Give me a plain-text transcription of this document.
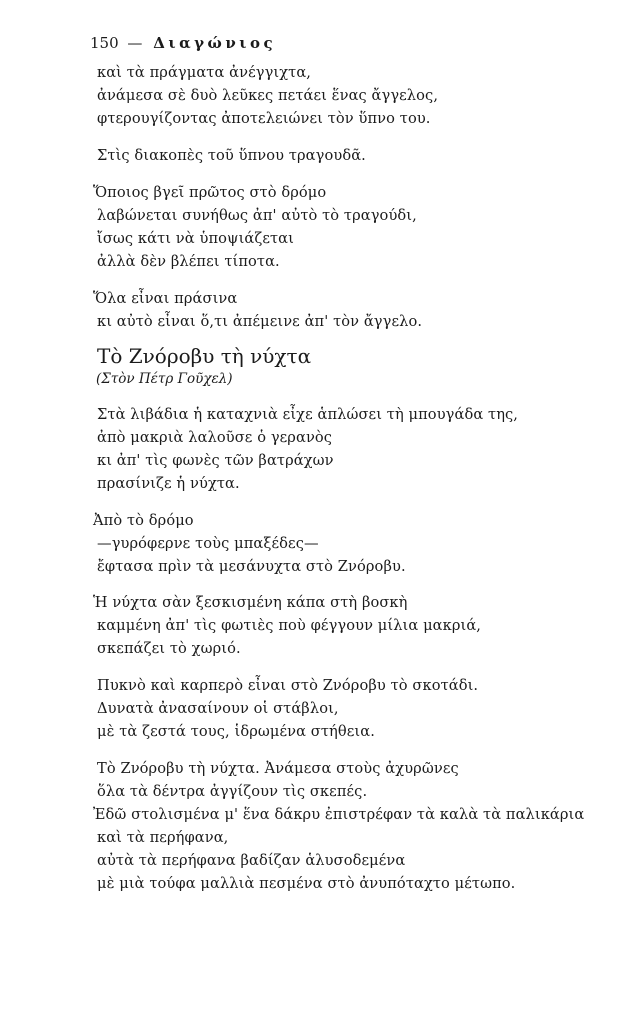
150 — Διαγώνιος
καὶ τὰ πράγματα ἀνέγγιχτα,
ἀνάμεσα σὲ δυὸ λεῦκες πετάει ἕνας ἄγγελος,
φτερουγίζοντας ἀποτελειώνει τὸν ὕπνο του.
Στὶς διακοπὲς τοῦ ὕπνου τραγουδᾶ.
Ὅποιος βγεῖ πρῶτος στὸ δρόμο
λαβώνεται συνήθως ἀπ' αὐτὸ τὸ τραγούδι,
ἴσως κάτι νὰ ὑποψιάζεται
ἀλλὰ δὲν βλέπει τίποτα.
Ὅλα εἶναι πράσινα
κι αὐτὸ εἶναι ὅ,τι ἀπέμεινε ἀπ' τὸν ἄγγελο.
Τὸ Ζνόροβυ τὴ νύχτα
(Στὸν Πέτρ Γοῦχελ)
Στὰ λιβάδια ἡ καταχνιὰ εἶχε ἁπλώσει τὴ μπουγάδα της,
ἀπὸ μακριὰ λαλοῦσε ὁ γερανὸς
κι ἀπ' τὶς φωνὲς τῶν βατράχων
πρασίνιζε ἡ νύχτα.
Ἀπὸ τὸ δρόμο
—γυρόφερνε τοὺς μπαξέδες—
ἔφτασα πρὶν τὰ μεσάνυχτα στὸ Ζνόροβυ.
Ἡ νύχτα σὰν ξεσκισμένη κάπα στὴ βοσκὴ
καμμένη ἀπ' τὶς φωτιὲς ποὺ φέγγουν μίλια μακριά,
σκεπάζει τὸ χωριό.
Πυκνὸ καὶ καρπερὸ εἶναι στὸ Ζνόροβυ τὸ σκοτάδι.
Δυνατὰ ἀνασαίνουν οἱ στάβλοι,
μὲ τὰ ζεστά τους, ἱδρωμένα στήθεια.
Τὸ Ζνόροβυ τὴ νύχτα. Ἀνάμεσα στοὺς ἀχυρῶνες
ὅλα τὰ δέντρα ἀγγίζουν τὶς σκεπές.
Ἐδῶ στολισμένα μ' ἕνα δάκρυ ἐπιστρέφαν τὰ καλὰ τὰ παλικάρια
καὶ τὰ περήφανα,
αὐτὰ τὰ περήφανα βαδίζαν ἁλυσοδεμένα
μὲ μιὰ τούφα μαλλιὰ πεσμένα στὸ ἀνυπόταχτο μέτωπο.
